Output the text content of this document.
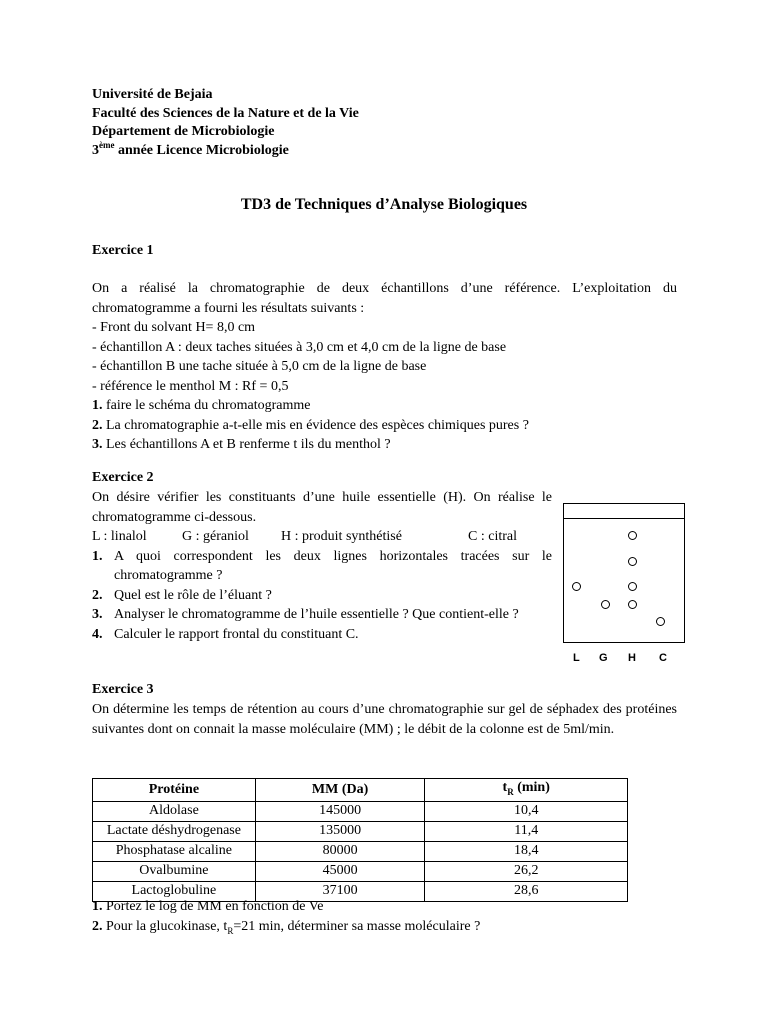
Université de Bejaia
Faculté des Sciences de la Nature et de la Vie
Département de Microbiologie
3ème année Licence Microbiologie
TD3 de Techniques d’Analyse Biologiques
Exercice 1
On a réalisé la chromatographie de deux échantillons d’une référence. L’exploitation du chromatogramme a fourni les résultats suivants :
- Front du solvant H= 8,0 cm
- échantillon A : deux taches situées à 3,0 cm et 4,0 cm de la ligne de base
- échantillon B une tache située à 5,0 cm de la ligne de base
- référence le menthol M : Rf = 0,5
1. faire le schéma du chromatogramme
2. La chromatographie a-t-elle mis en évidence des espèces chimiques pures ?
3. Les échantillons A et B renferme t ils du menthol ?
Exercice 2
On désire vérifier les constituants d’une huile essentielle (H). On réalise le chromatogramme ci-dessous.
L : linalol	G : géraniol	H : produit synthétisé	C : citral
1. A quoi correspondent les deux lignes horizontales tracées sur le chromatogramme ?
2. Quel est le rôle de l’éluant ?
3. Analyser le chromatogramme de l’huile essentielle ? Que contient-elle ?
4. Calculer le rapport frontal du constituant C.
L G H C
Exercice 3
On détermine les temps de rétention au cours d’une chromatographie sur gel de séphadex des protéines suivantes dont on connait la masse moléculaire (MM) ; le débit de la colonne est de 5ml/min.
Protéine	MM (Da)	$t_R$ (min)
Aldolase	145000	10,4
Lactate déshydrogenase	135000	11,4
Phosphatase alcaline	80000	18,4
Ovalbumine	45000	26,2
Lactoglobuline	37100	28,6
1. Portez le log de MM en fonction de Ve
2. Pour la glucokinase, $t_R=21$ min, déterminer sa masse moléculaire ?
